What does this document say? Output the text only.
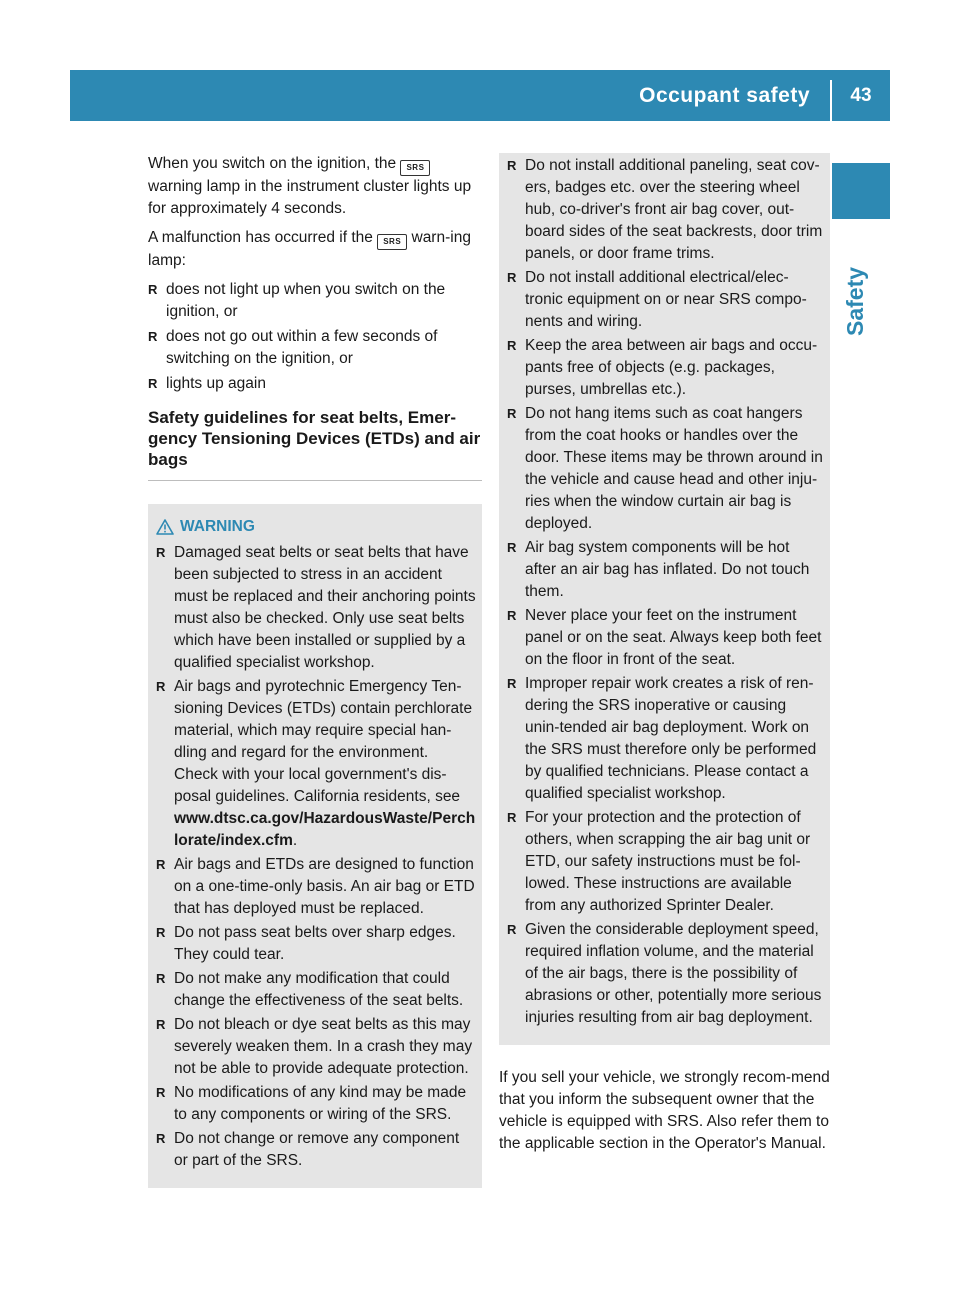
Occupant safety	43
Safety

When you switch on the ignition, the SRS warning lamp in the instrument cluster lights up for approximately 4 seconds.

A malfunction has occurred if the SRS warn-ing lamp:

R does not light up when you switch on the ignition, or
R does not go out within a few seconds of switching on the ignition, or
R lights up again
Safety guidelines for seat belts, Emer-gency Tensioning Devices (ETDs) and air bags
WARNING
R Damaged seat belts or seat belts that have been subjected to stress in an accident must be replaced and their anchoring points must also be checked. Only use seat belts which have been installed or supplied by a qualified specialist workshop.
R Air bags and pyrotechnic Emergency Ten-sioning Devices (ETDs) contain perchlorate material, which may require special han-dling and regard for the environment. Check with your local government's dis-posal guidelines. California residents, see www.dtsc.ca.gov/HazardousWaste/Perchlorate/index.cfm.
R Air bags and ETDs are designed to function on a one-time-only basis. An air bag or ETD that has deployed must be replaced.
R Do not pass seat belts over sharp edges. They could tear.
R Do not make any modification that could change the effectiveness of the seat belts.
R Do not bleach or dye seat belts as this may severely weaken them. In a crash they may not be able to provide adequate protection.
R No modifications of any kind may be made to any components or wiring of the SRS.
R Do not change or remove any component or part of the SRS.
R Do not install additional paneling, seat cov-ers, badges etc. over the steering wheel hub, co-driver's front air bag cover, out-board sides of the seat backrests, door trim panels, or door frame trims.
R Do not install additional electrical/elec-tronic equipment on or near SRS compo-nents and wiring.
R Keep the area between air bags and occu-pants free of objects (e.g. packages, purses, umbrellas etc.).
R Do not hang items such as coat hangers from the coat hooks or handles over the door. These items may be thrown around in the vehicle and cause head and other inju-ries when the window curtain air bag is deployed.
R Air bag system components will be hot after an air bag has inflated. Do not touch them.
R Never place your feet on the instrument panel or on the seat. Always keep both feet on the floor in front of the seat.
R Improper repair work creates a risk of ren-dering the SRS inoperative or causing unin-tended air bag deployment. Work on the SRS must therefore only be performed by qualified technicians. Please contact a qualified specialist workshop.
R For your protection and the protection of others, when scrapping the air bag unit or ETD, our safety instructions must be fol-lowed. These instructions are available from any authorized Sprinter Dealer.
R Given the considerable deployment speed, required inflation volume, and the material of the air bags, there is the possibility of abrasions or other, potentially more serious injuries resulting from air bag deployment.

If you sell your vehicle, we strongly recom-mend that you inform the subsequent owner that the vehicle is equipped with SRS. Also refer them to the applicable section in the Operator's Manual.
